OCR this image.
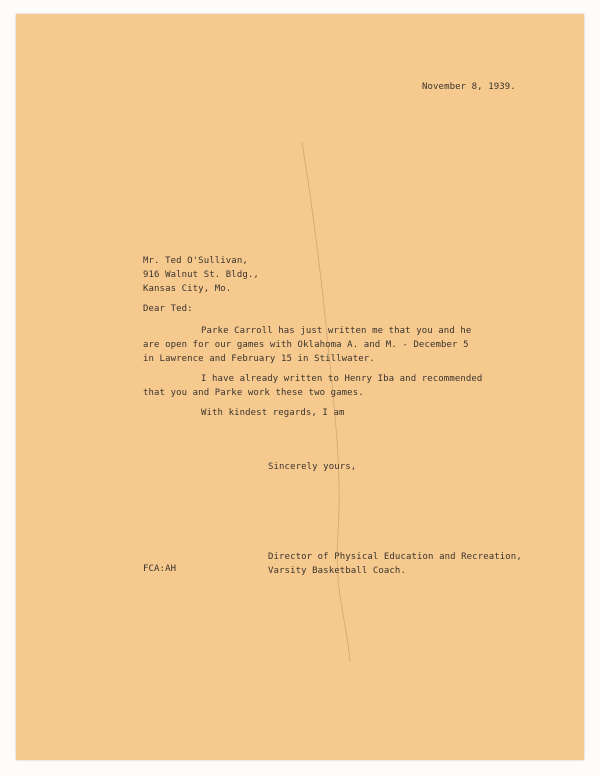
November 8, 1939.
Mr. Ted O'Sullivan,
916 Walnut St. Bldg.,
Kansas City, Mo.
Dear Ted:
Parke Carroll has just written me that you and he
are open for our games with Oklahoma A. and M. - December 5
in Lawrence and February 15 in Stillwater.
I have already written to Henry Iba and recommended
that you and Parke work these two games.
With kindest regards, I am
Sincerely yours,
Director of Physical Education and Recreation,
Varsity Basketball Coach.
FCA:AH
